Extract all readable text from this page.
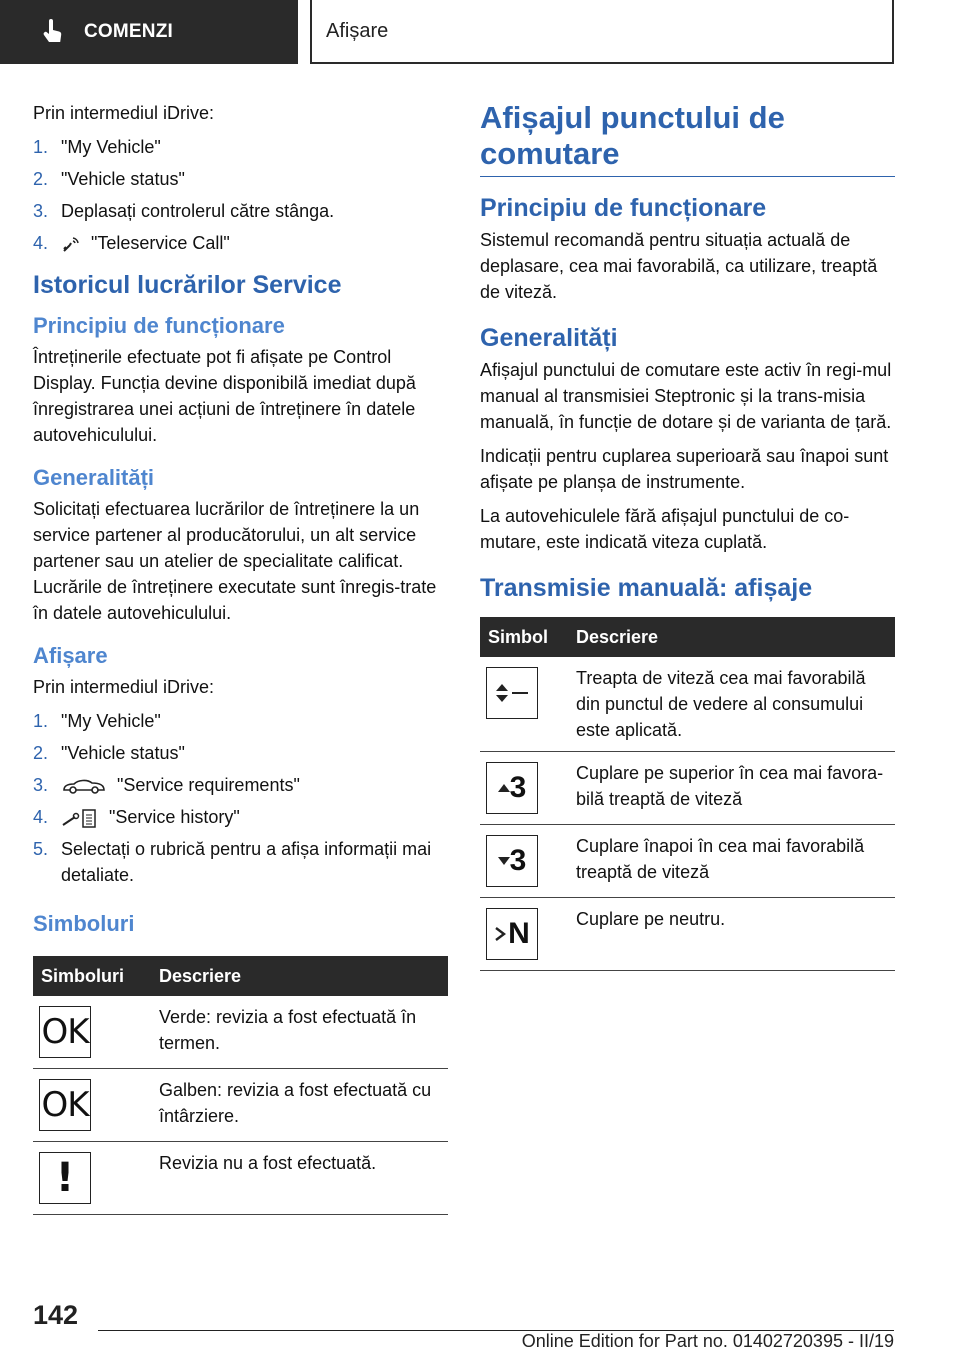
COMENZI	Afișare

Prin intermediul iDrive:

1. "My Vehicle"
2. "Vehicle status"
3. Deplasați controlerul către stânga.
4. "Teleservice Call"
Istoricul lucrărilor Service
Principiu de funcționare

Întreținerile efectuate pot fi afișate pe Control Display. Funcția devine disponibilă imediat după înregistrarea unei acțiuni de întreținere în datele autovehiculului.

Generalități

Solicitați efectuarea lucrărilor de întreținere la un service partener al producătorului, un alt service partener sau un atelier de specialitate calificat. Lucrările de întreținere executate sunt înregis‐trate în datele autovehiculului.

Afișare

Prin intermediul iDrive:

1. "My Vehicle"
2. "Vehicle status"
3.	"Service requirements"
4.	"Service history"
5. Selectați o rubrică pentru a afișa informații mai detaliate.
Simboluri
Simboluri	Descriere

OK	Verde: revizia a fost efectuată în termen.

OK	Galben: revizia a fost efectuată cu întârziere.

!	Revizia nu a fost efectuată.
Afișajul punctului de comutare
Principiu de funcționare

Sistemul recomandă pentru situația actuală de deplasare, cea mai favorabilă, ca utilizare, treaptă de viteză.

Generalități

Afișajul punctului de comutare este activ în regi‐mul manual al transmisiei Steptronic și la trans‐misia manuală, în funcție de dotare și de varianta de țară.

Indicații pentru cuplarea superioară sau înapoi sunt afișate pe planșa de instrumente.

La autovehiculele fără afișajul punctului de co‐mutare, este indicată viteza cuplată.

Transmisie manuală: afișaje
Simbol	Descriere

	Treapta de viteză cea mai favorabilă din punctul de vedere al consumului este aplicată.

3	Cuplare pe superior în cea mai favora‐bilă treaptă de viteză

3	Cuplare înapoi în cea mai favorabilă treaptă de viteză

N	Cuplare pe neutru.
142
Online Edition for Part no. 01402720395 - II/19
